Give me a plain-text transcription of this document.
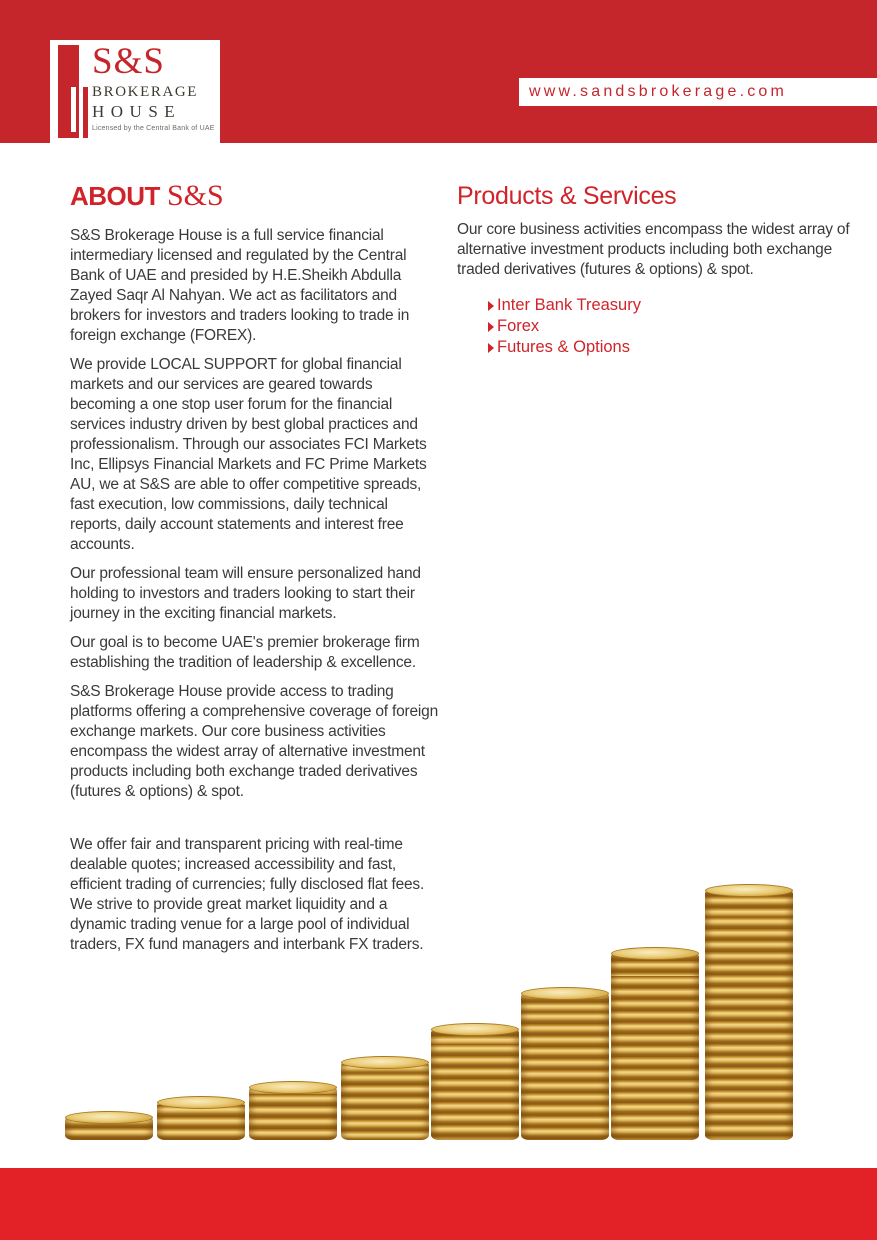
www.sandsbrokerage.com
S&S
BROKERAGE
HOUSE
Licensed by the Central Bank of UAE
ABOUT S&S

S&S Brokerage House is a full service financial intermediary licensed and regulated by the Central Bank of UAE and presided by H.E.Sheikh Abdulla Zayed Saqr Al Nahyan. We act as facilitators and brokers for investors and traders looking to trade in foreign exchange (FOREX).

We provide LOCAL SUPPORT for global financial markets and our services are geared towards becoming a one stop user forum for the financial services industry driven by best global practices and professionalism. Through our associates FCI Markets Inc, Ellipsys Financial Markets and FC Prime Markets AU, we at S&S are able to offer competitive spreads, fast execution, low commissions, daily technical reports, daily account statements and interest free accounts.

Our professional team will ensure personalized hand holding to investors and traders looking to start their journey in the exciting financial markets.

Our goal is to become UAE's premier brokerage firm establishing the tradition of leadership & excellence.

S&S Brokerage House provide access to trading platforms offering a comprehensive coverage of foreign exchange markets. Our core business activities encompass the widest array of alternative investment products including both exchange traded derivatives (futures & options) & spot.

We offer fair and transparent pricing with real-time dealable quotes; increased accessibility and fast, efficient trading of currencies; fully disclosed flat fees. We strive to provide great market liquidity and a dynamic trading venue for a large pool of individual traders, FX fund managers and interbank FX traders.

Products & Services

Our core business activities encompass the widest array of alternative investment products including both exchange traded derivatives (futures & options) & spot.

Inter Bank Treasury
Forex
Futures & Options
